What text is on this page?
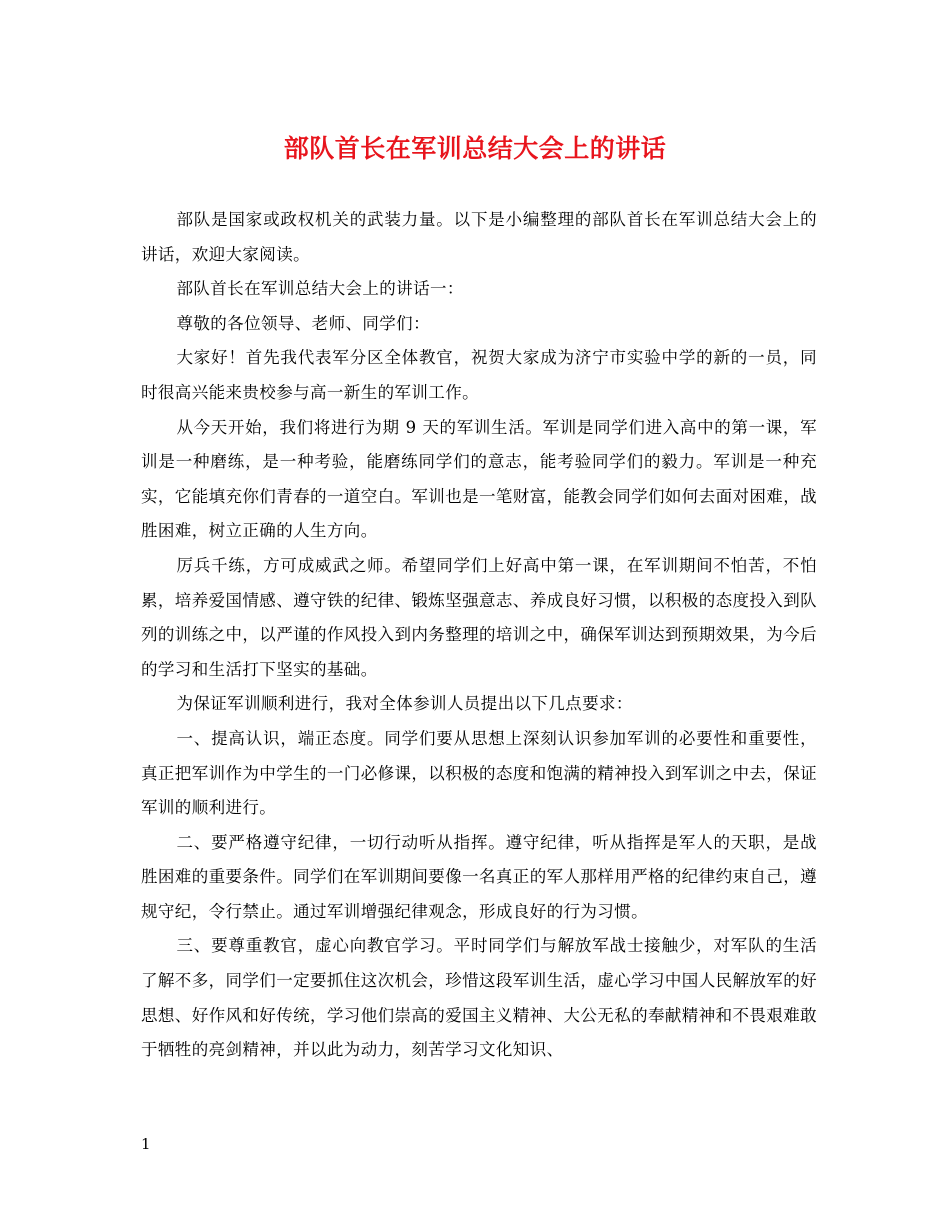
部队首长在军训总结大会上的讲话

部队是国家或政权机关的武装力量。以下是小编整理的部队首长在军训总结大会上的讲话，欢迎大家阅读。

部队首长在军训总结大会上的讲话一：

尊敬的各位领导、老师、同学们：

大家好！首先我代表军分区全体教官，祝贺大家成为济宁市实验中学的新的一员，同时很高兴能来贵校参与高一新生的军训工作。

从今天开始，我们将进行为期 9 天的军训生活。军训是同学们进入高中的第一课，军训是一种磨练，是一种考验，能磨练同学们的意志，能考验同学们的毅力。军训是一种充实，它能填充你们青春的一道空白。军训也是一笔财富，能教会同学们如何去面对困难，战胜困难，树立正确的人生方向。

厉兵千练，方可成威武之师。希望同学们上好高中第一课，在军训期间不怕苦，不怕累，培养爱国情感、遵守铁的纪律、锻炼坚强意志、养成良好习惯，以积极的态度投入到队列的训练之中，以严谨的作风投入到内务整理的培训之中，确保军训达到预期效果，为今后的学习和生活打下坚实的基础。

为保证军训顺利进行，我对全体参训人员提出以下几点要求：

一、提高认识，端正态度。同学们要从思想上深刻认识参加军训的必要性和重要性，真正把军训作为中学生的一门必修课，以积极的态度和饱满的精神投入到军训之中去，保证军训的顺利进行。

二、要严格遵守纪律，一切行动听从指挥。遵守纪律，听从指挥是军人的天职，是战胜困难的重要条件。同学们在军训期间要像一名真正的军人那样用严格的纪律约束自己，遵规守纪，令行禁止。通过军训增强纪律观念，形成良好的行为习惯。

三、要尊重教官，虚心向教官学习。平时同学们与解放军战士接触少，对军队的生活了解不多，同学们一定要抓住这次机会，珍惜这段军训生活，虚心学习中国人民解放军的好思想、好作风和好传统，学习他们崇高的爱国主义精神、大公无私的奉献精神和不畏艰难敢于牺牲的亮剑精神，并以此为动力，刻苦学习文化知识、

1
